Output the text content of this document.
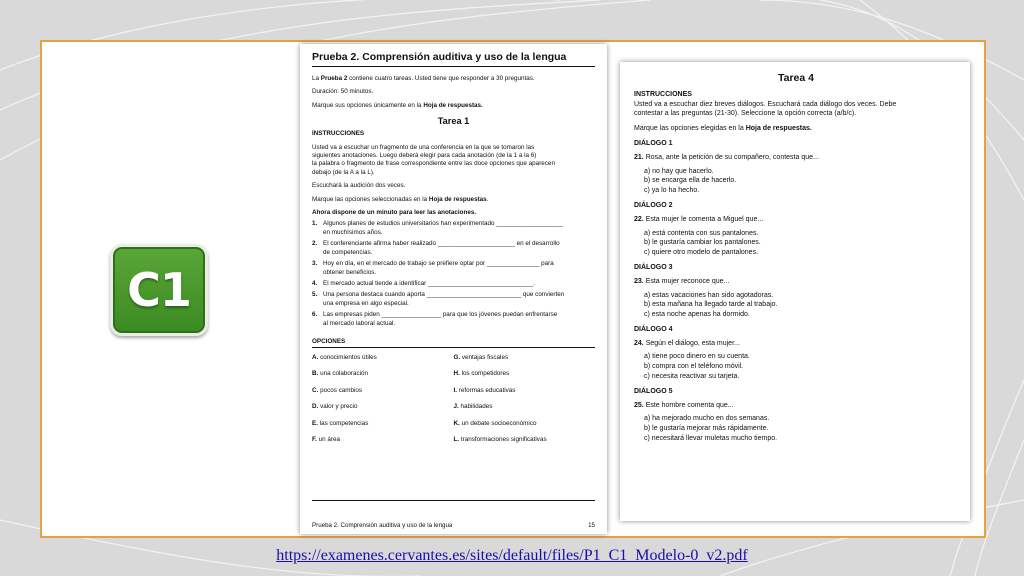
C1
Prueba 2. Comprensión auditiva y uso de la lengua
La Prueba 2 contiene cuatro tareas. Usted tiene que responder a 30 preguntas.
Duración: 50 minutos.
Marque sus opciones únicamente en la Hoja de respuestas.
Tarea 1
INSTRUCCIONES
Usted va a escuchar un fragmento de una conferencia en la que se tomaron las
siguientes anotaciones. Luego deberá elegir para cada anotación (de la 1 a la 6)
la palabra o fragmento de frase correspondiente entre las doce opciones que aparecen
debajo (de la A a la L).
Escuchará la audición dos veces.
Marque las opciones seleccionadas en la Hoja de respuestas.
Ahora dispone de un minuto para leer las anotaciones.
1. Algunos planes de estudios universitarios han experimentado ___________________
en muchísimos años.
2. El conferenciante afirma haber realizado ______________________ en el desarrollo
de competencias.
3. Hoy en día, en el mercado de trabajo se prefiere optar por _______________ para
obtener beneficios.
4. El mercado actual tiende a identificar ______________________________.
5. Una persona destaca cuando aporta ___________________________ que convierten
una empresa en algo especial.
6. Las empresas piden _________________ para que los jóvenes puedan enfrentarse
al mercado laboral actual.
OPCIONES
A. conocimientos útiles	G. ventajas fiscales
B. una colaboración	H. los competidores
C. pocos cambios	I. reformas educativas
D. valor y precio	J. habilidades
E. las competencias	K. un debate socioeconómico
F. un área	L. transformaciones significativas
Prueba 2. Comprensión auditiva y uso de la lengua	15
Tarea 4
INSTRUCCIONES
Usted va a escuchar diez breves diálogos. Escuchará cada diálogo dos veces. Debe
contestar a las preguntas (21-30). Seleccione la opción correcta (a/b/c).
Marque las opciones elegidas en la Hoja de respuestas.
DIÁLOGO 1
21. Rosa, ante la petición de su compañero, contesta que...
a) no hay que hacerlo.
b) se encarga ella de hacerlo.
c) ya lo ha hecho.
DIÁLOGO 2
22. Esta mujer le comenta a Miguel que...
a) está contenta con sus pantalones.
b) le gustaría cambiar los pantalones.
c) quiere otro modelo de pantalones.
DIÁLOGO 3
23. Esta mujer reconoce que...
a) estas vacaciones han sido agotadoras.
b) esta mañana ha llegado tarde al trabajo.
c) esta noche apenas ha dormido.
DIÁLOGO 4
24. Según el diálogo, esta mujer...
a) tiene poco dinero en su cuenta.
b) compra con el teléfono móvil.
c) necesita reactivar su tarjeta.
DIÁLOGO 5
25. Este hombre comenta que...
a) ha mejorado mucho en dos semanas.
b) le gustaría mejorar más rápidamente.
c) necesitará llevar muletas mucho tiempo.
https://examenes.cervantes.es/sites/default/files/P1_C1_Modelo-0_v2.pdf
